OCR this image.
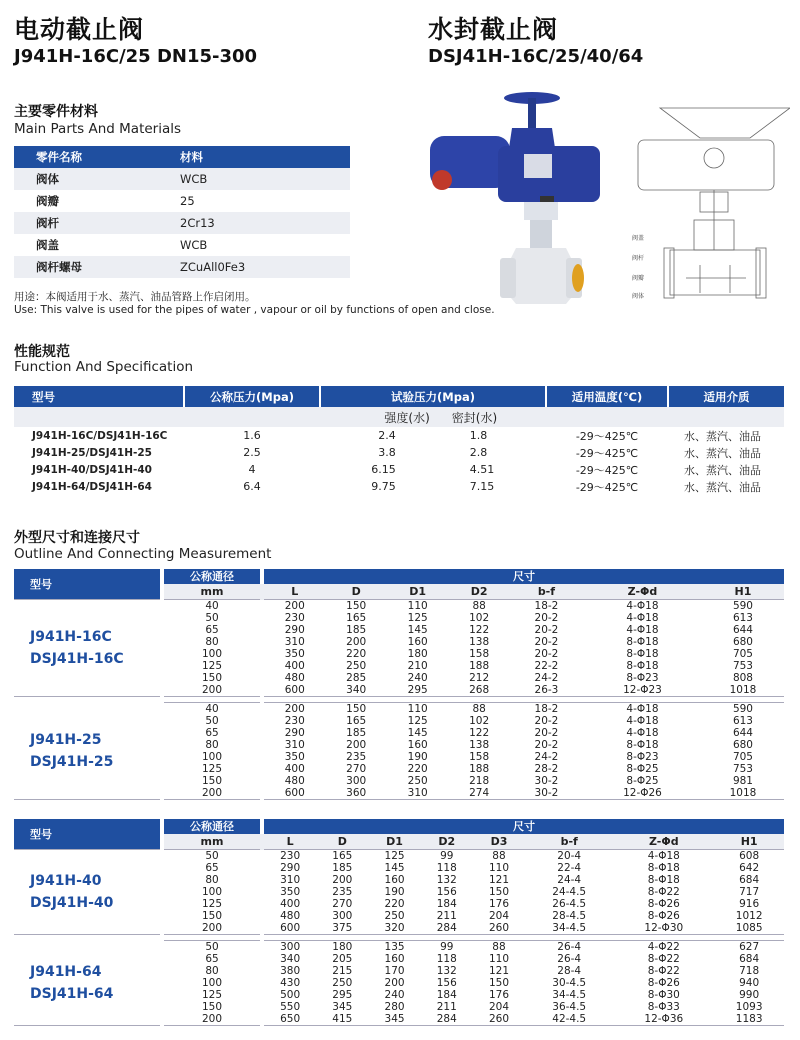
电动截止阀
J941H-16C/25 DN15-300
水封截止阀
DSJ41H-16C/25/40/64
主要零件材料
Main Parts And Materials
零件名称	材料
阀体	WCB
阀瓣	25
阀杆	2Cr13
阀盖	WCB
阀杆螺母	ZCuAll0Fe3
用途：本阀适用于水、蒸汽、油品管路上作启闭用。
Use: This valve is used for the pipes of water , vapour or oil by functions of open and close.
阀盖
阀杆
阀瓣
阀体
性能规范
Function And Specification
型号	公称压力(Mpa)	试验压力(Mpa)		适用温度(℃)	适用介质
		强度(水)	密封(水)		
J941H-16C/DSJ41H-16C	1.6	2.4	1.8	-29～425℃	水、蒸汽、油品
J941H-25/DSJ41H-25	2.5	3.8	2.8	-29～425℃	水、蒸汽、油品
J941H-40/DSJ41H-40	4	6.15	4.51	-29～425℃	水、蒸汽、油品
J941H-64/DSJ41H-64	6.4	9.75	7.15	-29～425℃	水、蒸汽、油品
外型尺寸和连接尺寸
Outline And Connecting Measurement
型号		公称通径		尺寸						
		mm		L	D	D1	D2	b-f	Z-Φd	H1

J941H-16C
DSJ41H-16C		40		200	150	110	88	18-2	4-Φ18	590
		50		230	165	125	102	20-2	4-Φ18	613
		65		290	185	145	122	20-2	4-Φ18	644
		80		310	200	160	138	20-2	8-Φ18	680
		100		350	220	180	158	20-2	8-Φ18	705
		125		400	250	210	188	22-2	8-Φ18	753
		150		480	285	240	212	24-2	8-Φ23	808
		200		600	340	295	268	26-3	12-Φ23	1018

J941H-25
DSJ41H-25		40		200	150	110	88	18-2	4-Φ18	590
		50		230	165	125	102	20-2	4-Φ18	613
		65		290	185	145	122	20-2	4-Φ18	644
		80		310	200	160	138	20-2	8-Φ18	680
		100		350	235	190	158	24-2	8-Φ23	705
		125		400	270	220	188	28-2	8-Φ25	753
		150		480	300	250	218	30-2	8-Φ25	981
		200		600	360	310	274	30-2	12-Φ26	1018
型号		公称通径		尺寸							
		mm		L	D	D1	D2	D3	b-f	Z-Φd	H1

J941H-40
DSJ41H-40		50		230	165	125	99	88	20-4	4-Φ18	608
		65		290	185	145	118	110	22-4	8-Φ18	642
		80		310	200	160	132	121	24-4	8-Φ18	684
		100		350	235	190	156	150	24-4.5	8-Φ22	717
		125		400	270	220	184	176	26-4.5	8-Φ26	916
		150		480	300	250	211	204	28-4.5	8-Φ26	1012
		200		600	375	320	284	260	34-4.5	12-Φ30	1085

J941H-64
DSJ41H-64		50		300	180	135	99	88	26-4	4-Φ22	627
		65		340	205	160	118	110	26-4	8-Φ22	684
		80		380	215	170	132	121	28-4	8-Φ22	718
		100		430	250	200	156	150	30-4.5	8-Φ26	940
		125		500	295	240	184	176	34-4.5	8-Φ30	990
		150		550	345	280	211	204	36-4.5	8-Φ33	1093
		200		650	415	345	284	260	42-4.5	12-Φ36	1183
